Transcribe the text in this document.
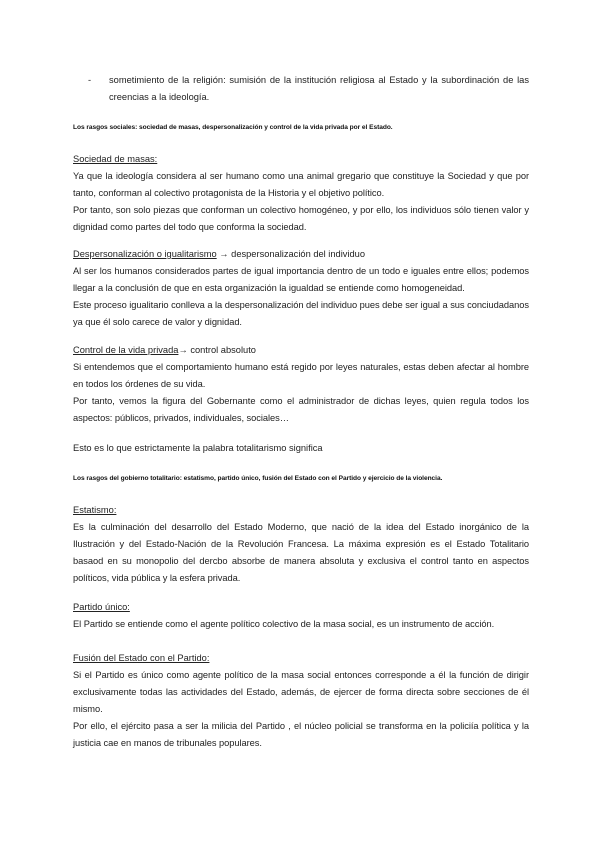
- sometimiento de la religión: sumisión de la institución religiosa al Estado y la subordinación de las creencias a la ideología.
Los rasgos sociales: sociedad de masas, despersonalización y control de la vida privada por el Estado.
Sociedad de masas:

Ya que la ideología considera al ser humano como una animal gregario que constituye la Sociedad y que por tanto, conforman al colectivo protagonista de la Historia y el objetivo político.

Por tanto, son solo piezas que conforman un colectivo homogéneo, y por ello, los individuos sólo tienen valor y dignidad como partes del todo que conforma la sociedad.

Despersonalización o igualitarismo → despersonalización del individuo

Al ser los humanos considerados partes de igual importancia dentro de un todo e iguales entre ellos; podemos llegar a la conclusión de que en esta organización la igualdad se entiende como homogeneidad.

Este proceso igualitario conlleva a la despersonalización del individuo pues debe ser igual a sus conciudadanos ya que él solo carece de valor y dignidad.

Control de la vida privada→ control absoluto

Si entendemos que el comportamiento humano está regido por leyes naturales, estas deben afectar al hombre en todos los órdenes de su vida.

Por tanto, vemos la figura del Gobernante como el administrador de dichas leyes, quien regula todos los aspectos: públicos, privados, individuales, sociales…

Esto es lo que estrictamente la palabra totalitarismo significa
Los rasgos del gobierno totalitario: estatismo, partido único, fusión del Estado con el Partido y ejercicio de la violencia.
Estatismo:

Es la culminación del desarrollo del Estado Moderno, que nació de la idea del Estado inorgánico de la Ilustración y del Estado-Nación de la Revolución Francesa. La máxima expresión es el Estado Totalitario basaod en su monopolio del dercbo absorbe de manera absoluta y exclusiva el control tanto en aspectos políticos, vida pública y la esfera privada.

Partido único:

El Partido se entiende como el agente político colectivo de la masa social, es un instrumento de acción.

Fusión del Estado con el Partido:

Si el Partido es único como agente político de la masa social entonces corresponde a él la función de dirigir exclusivamente todas las actividades del Estado, además, de ejercer de forma directa sobre secciones de él mismo.

Por ello, el ejército pasa a ser la milicia del Partido , el núcleo policial se transforma en la policiía política y la justicia cae en manos de tribunales populares.
